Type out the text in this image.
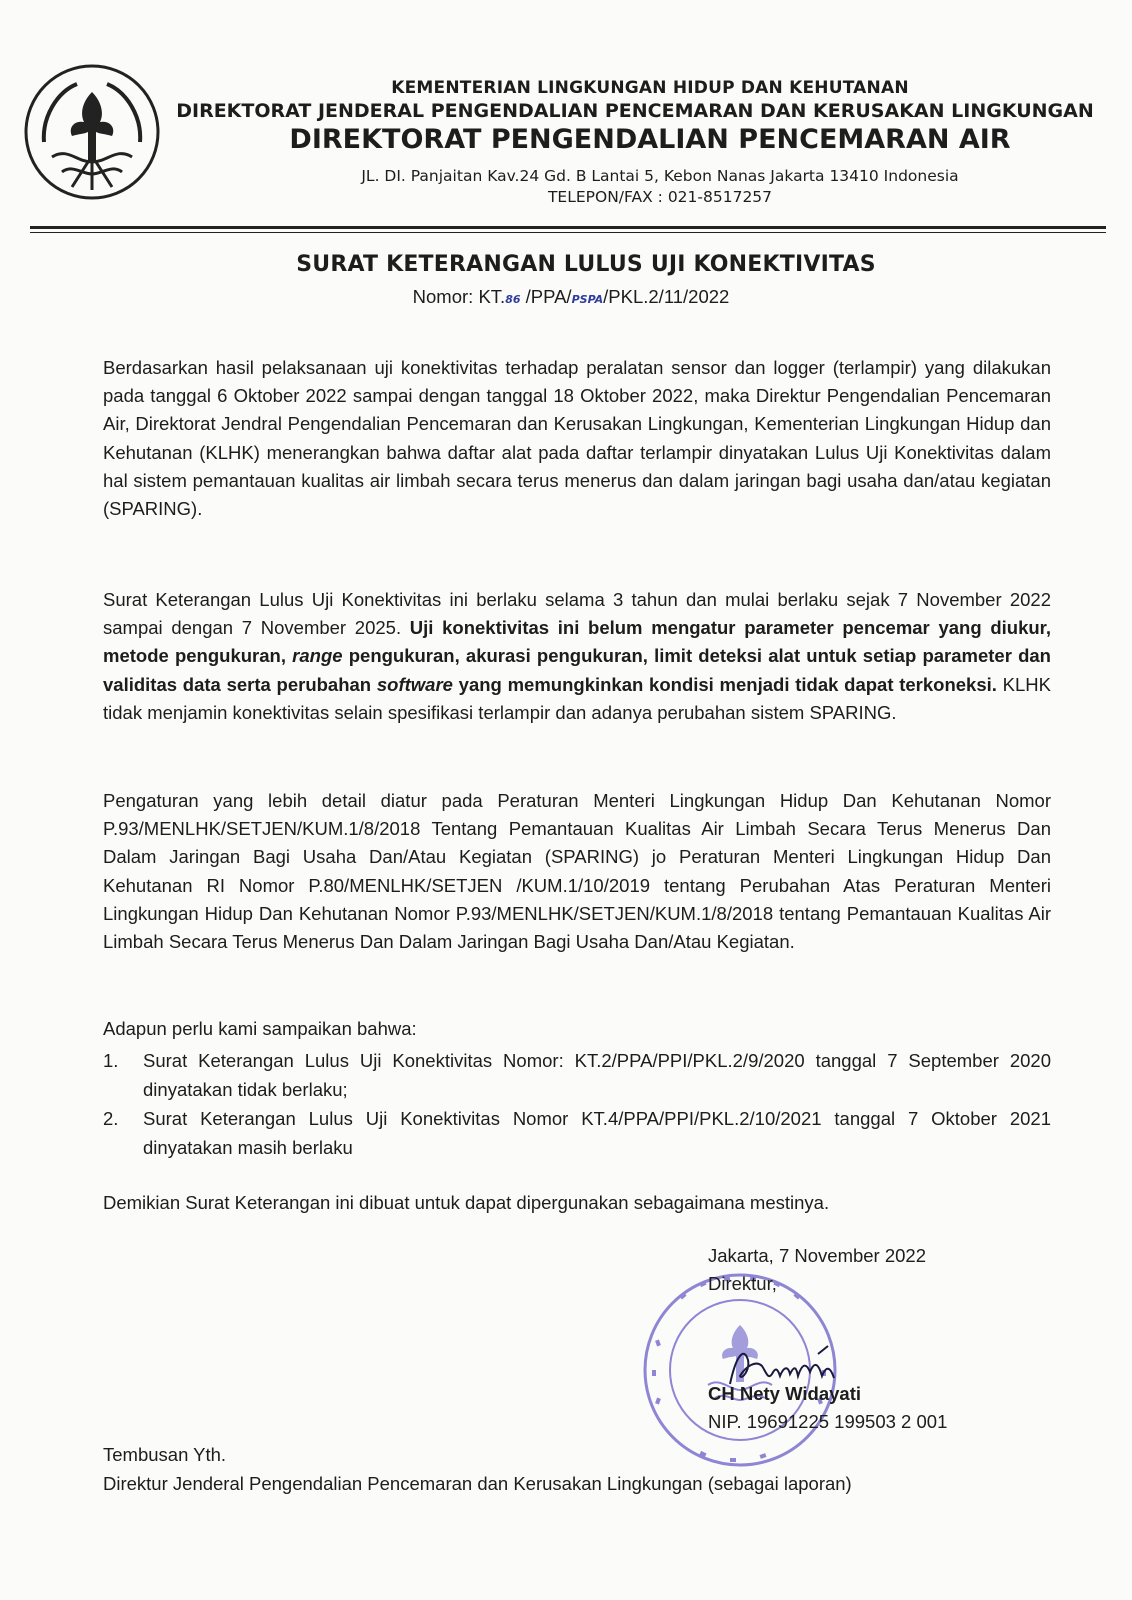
KEMENTERIAN LINGKUNGAN HIDUP DAN KEHUTANAN
DIREKTORAT JENDERAL PENGENDALIAN PENCEMARAN DAN KERUSAKAN LINGKUNGAN
DIREKTORAT PENGENDALIAN PENCEMARAN AIR
JL. DI. Panjaitan Kav.24 Gd. B Lantai 5, Kebon Nanas Jakarta 13410 Indonesia
TELEPON/FAX : 021-8517257
SURAT KETERANGAN LULUS UJI KONEKTIVITAS
Nomor: KT.86 /PPA/PSPA/PKL.2/11/2022
Berdasarkan hasil pelaksanaan uji konektivitas terhadap peralatan sensor dan logger (terlampir) yang dilakukan pada tanggal 6 Oktober 2022 sampai dengan tanggal 18 Oktober 2022, maka Direktur Pengendalian Pencemaran Air, Direktorat Jendral Pengendalian Pencemaran dan Kerusakan Lingkungan, Kementerian Lingkungan Hidup dan Kehutanan (KLHK) menerangkan bahwa daftar alat pada daftar terlampir dinyatakan Lulus Uji Konektivitas dalam hal sistem pemantauan kualitas air limbah secara terus menerus dan dalam jaringan bagi usaha dan/atau kegiatan (SPARING).
Surat Keterangan Lulus Uji Konektivitas ini berlaku selama 3 tahun dan mulai berlaku sejak 7 November 2022 sampai dengan 7 November 2025. Uji konektivitas ini belum mengatur parameter pencemar yang diukur, metode pengukuran, range pengukuran, akurasi pengukuran, limit deteksi alat untuk setiap parameter dan validitas data serta perubahan software yang memungkinkan kondisi menjadi tidak dapat terkoneksi. KLHK tidak menjamin konektivitas selain spesifikasi terlampir dan adanya perubahan sistem SPARING.
Pengaturan yang lebih detail diatur pada Peraturan Menteri Lingkungan Hidup Dan Kehutanan Nomor P.93/MENLHK/SETJEN/KUM.1/8/2018 Tentang Pemantauan Kualitas Air Limbah Secara Terus Menerus Dan Dalam Jaringan Bagi Usaha Dan/Atau Kegiatan (SPARING) jo Peraturan Menteri Lingkungan Hidup Dan Kehutanan RI Nomor P.80/MENLHK/SETJEN /KUM.1/10/2019 tentang Perubahan Atas Peraturan Menteri Lingkungan Hidup Dan Kehutanan Nomor P.93/MENLHK/SETJEN/KUM.1/8/2018 tentang Pemantauan Kualitas Air Limbah Secara Terus Menerus Dan Dalam Jaringan Bagi Usaha Dan/Atau Kegiatan.
Adapun perlu kami sampaikan bahwa:
1.	Surat Keterangan Lulus Uji Konektivitas Nomor: KT.2/PPA/PPI/PKL.2/9/2020 tanggal 7 September 2020 dinyatakan tidak berlaku;
2.	Surat Keterangan Lulus Uji Konektivitas Nomor KT.4/PPA/PPI/PKL.2/10/2021 tanggal 7 Oktober 2021 dinyatakan masih berlaku
Demikian Surat Keterangan ini dibuat untuk dapat dipergunakan sebagaimana mestinya.
Jakarta, 7 November 2022
Direktur,
CH Nety Widayati
NIP. 19691225 199503 2 001
Tembusan Yth.
Direktur Jenderal Pengendalian Pencemaran dan Kerusakan Lingkungan (sebagai laporan)
